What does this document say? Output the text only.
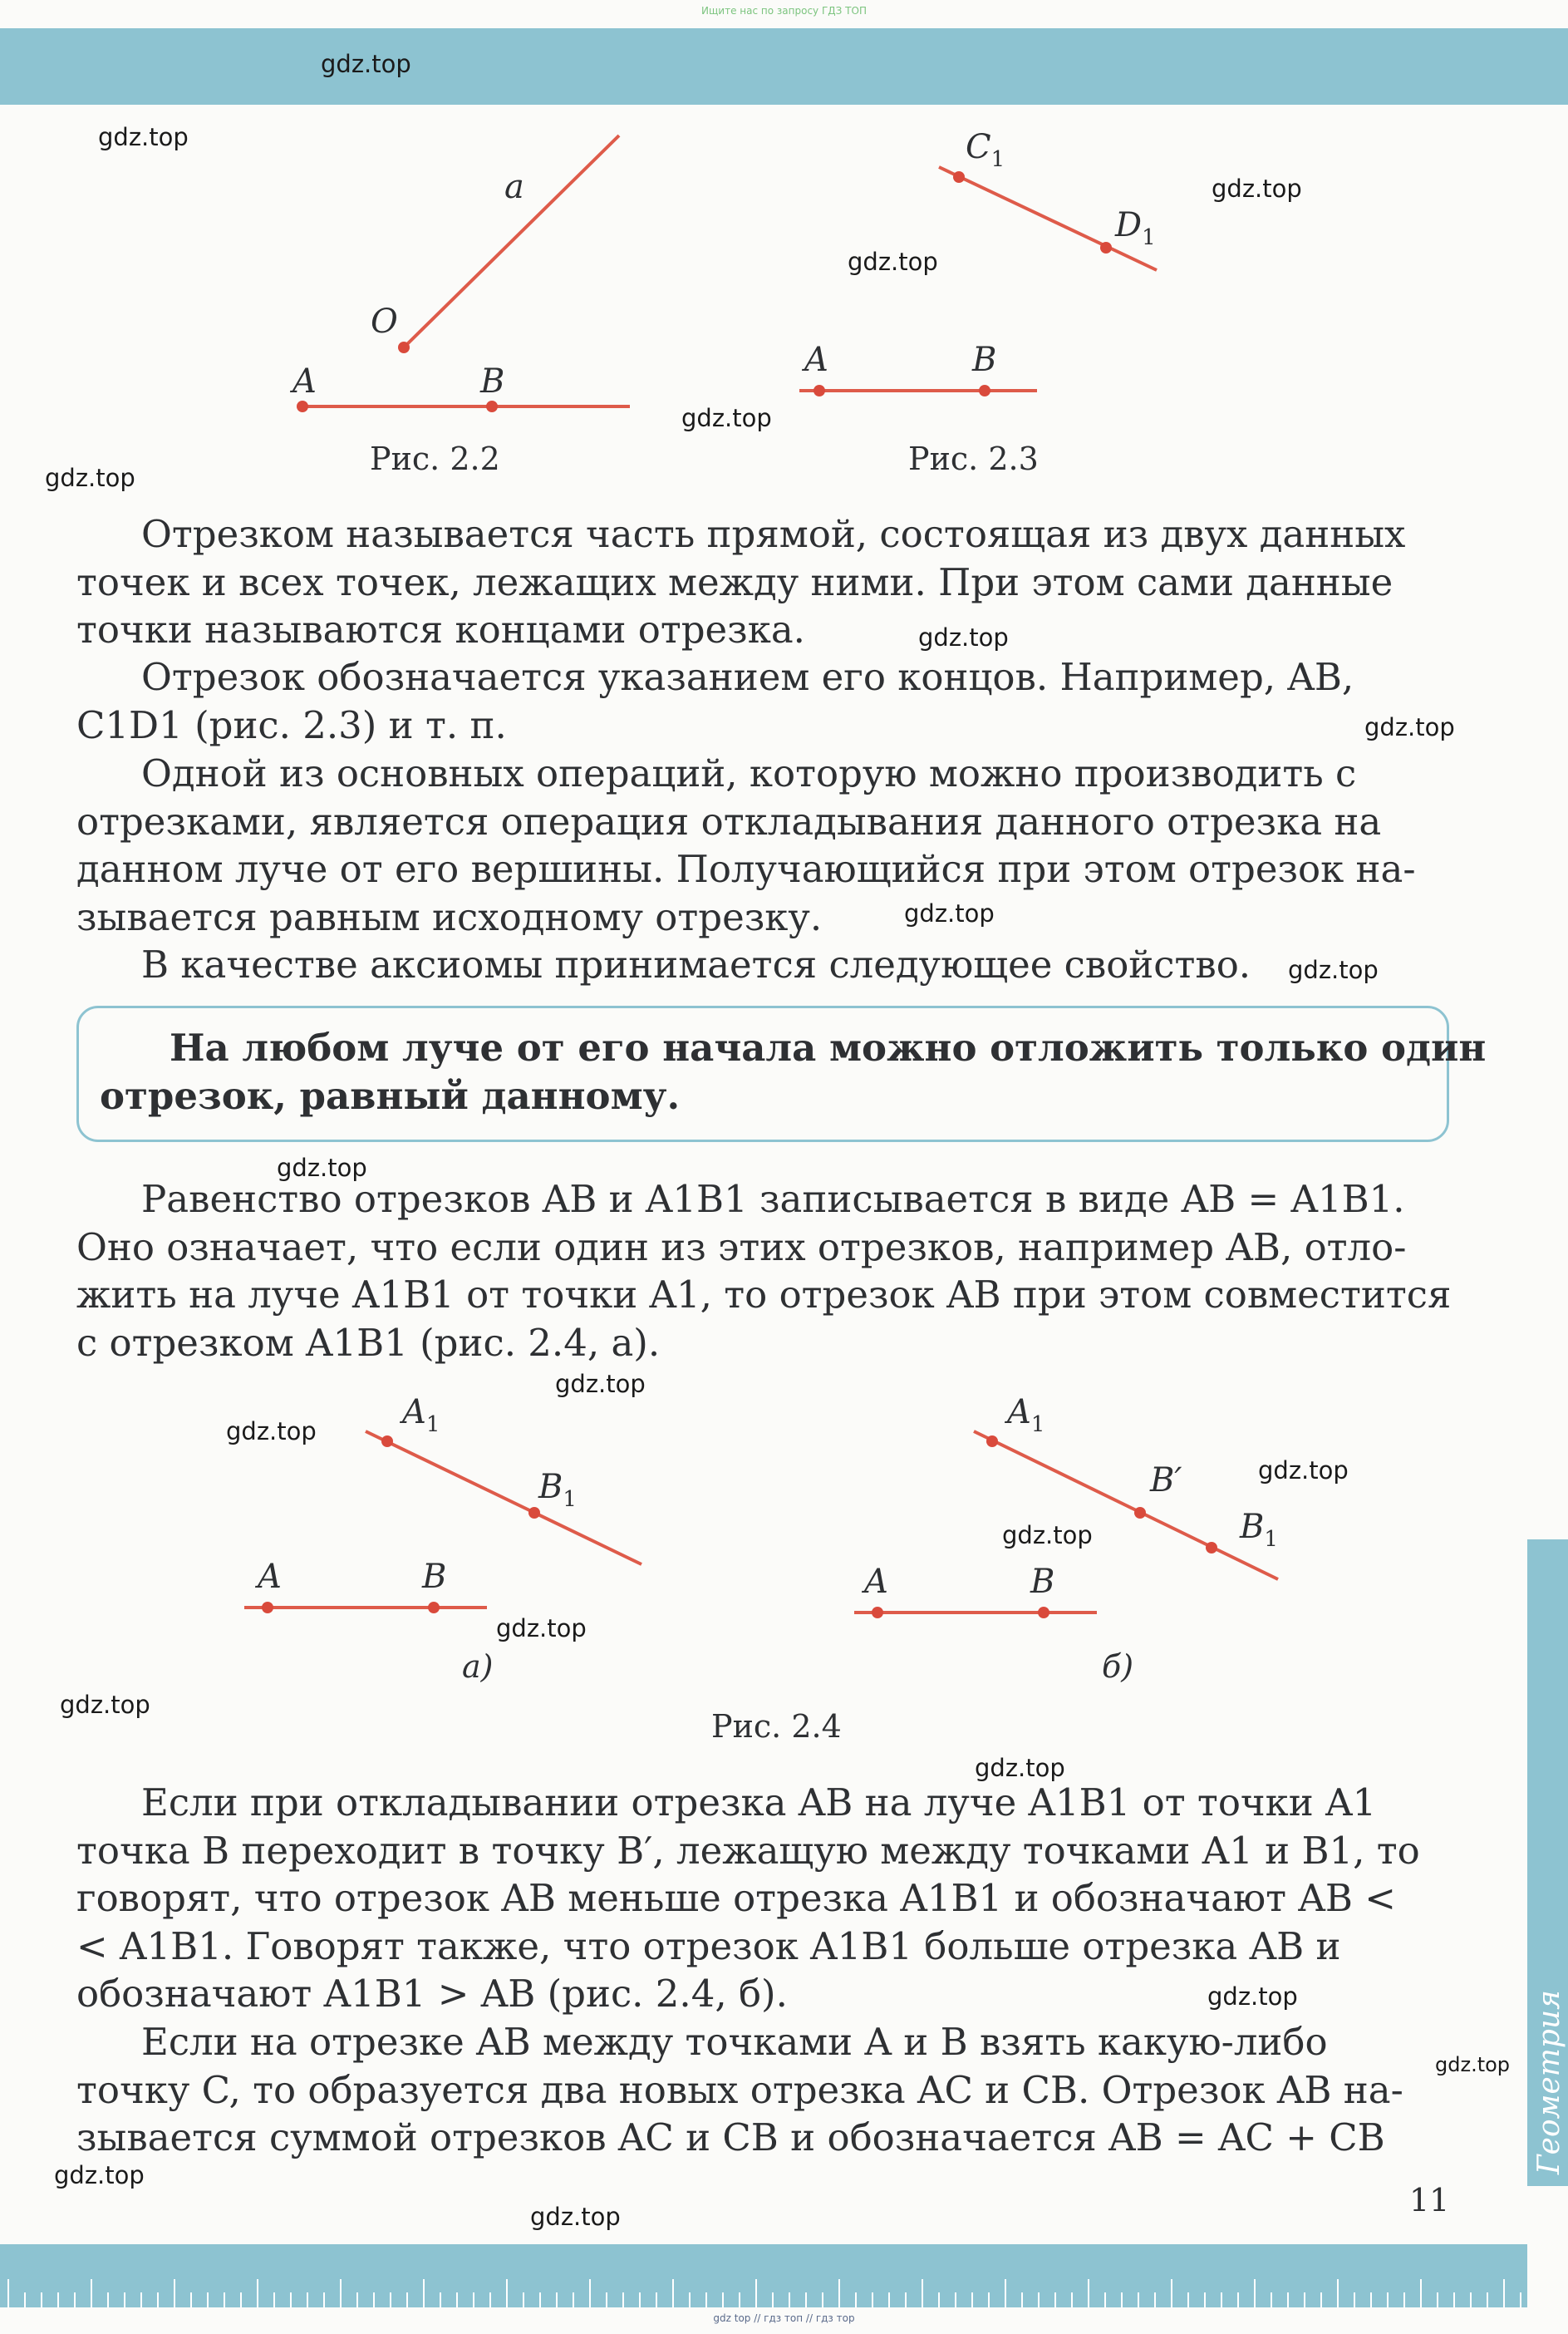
Ищите нас по запросу ГДЗ ТОП
gdz.top
gdz.top
gdz.top
gdz.top
gdz.top
gdz.top
gdz.top
gdz.top
gdz.top
gdz.top
gdz.top
gdz.top
gdz.top
gdz.top
gdz.top
gdz.top
gdz.top
gdz.top
gdz.top
gdz.top
gdz.top
gdz.top
a
O
A	B
Рис. 2.2
$C_1$
$D_1$
A	B
Рис. 2.3
$A_1$
$B_1$
A	B
а)
$A_1$
B′
$B_1$
A	B
б)
Рис. 2.4
Отрезком называется часть прямой, состоящая из двух данных
точек и всех точек, лежащих между ними. При этом сами данные
точки называются концами отрезка.
Отрезок обозначается указанием его концов. Например, AB,
C1D1 (рис. 2.3) и т. п.
Одной из основных операций, которую можно производить с
отрезками, является операция откладывания данного отрезка на
данном луче от его вершины. Получающийся при этом отрезок на-
зывается равным исходному отрезку.
В качестве аксиомы принимается следующее свойство.
На любом луче от его начала можно отложить только один
отрезок, равный данному.
Равенство отрезков AB и A1B1 записывается в виде AB = A1B1.
Оно означает, что если один из этих отрезков, например AB, отло-
жить на луче A1B1 от точки A1, то отрезок AB при этом совместится
с отрезком A1B1 (рис. 2.4, а).
Если при откладывании отрезка AB на луче A1B1 от точки A1
точка B переходит в точку B′, лежащую между точками A1 и B1, то
говорят, что отрезок AB меньше отрезка A1B1 и обозначают AB <
< A1B1. Говорят также, что отрезок A1B1 больше отрезка AB и
обозначают A1B1 > AB (рис. 2.4, б).
Если на отрезке AB между точками A и B взять какую-либо
точку C, то образуется два новых отрезка AC и CB. Отрезок AB на-
зывается суммой отрезков AC и CB и обозначается AB = AC + CB
11
Геометрия
gdz top // гдз топ // гдз тор
